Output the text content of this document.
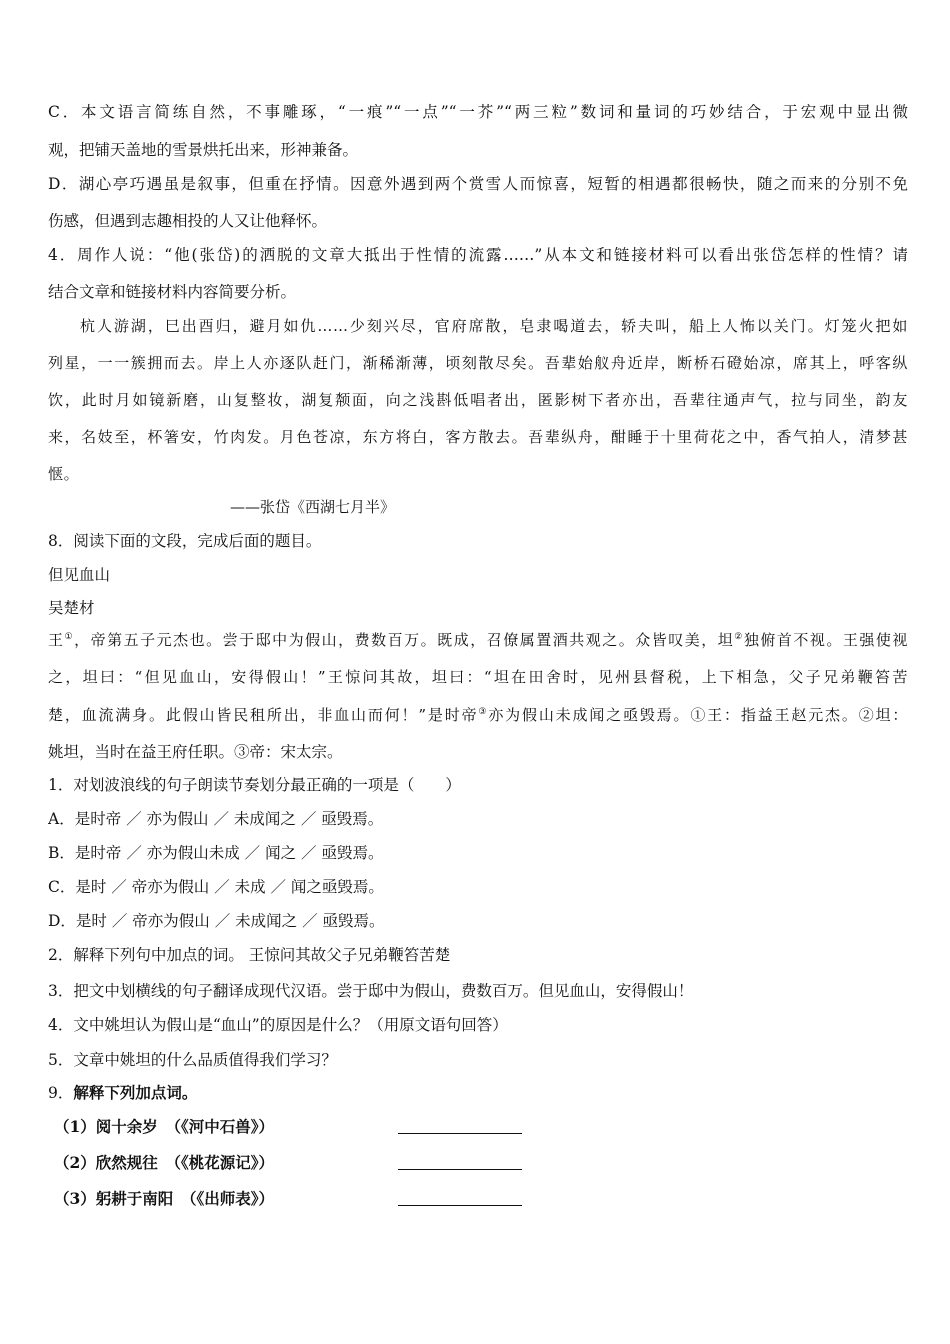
C．本文语言简练自然，不事雕琢，“一痕”“一点”“一芥”“两三粒”数词和量词的巧妙结合，于宏观中显出微
观，把铺天盖地的雪景烘托出来，形神兼备。
D．湖心亭巧遇虽是叙事，但重在抒情。因意外遇到两个赏雪人而惊喜，短暂的相遇都很畅快，随之而来的分别不免
伤感，但遇到志趣相投的人又让他释怀。
4．周作人说：“他(张岱)的洒脱的文章大抵出于性情的流露……”从本文和链接材料可以看出张岱怎样的性情？请
结合文章和链接材料内容简要分析。
杭人游湖，巳出酉归，避月如仇……少刻兴尽，官府席散，皂隶喝道去，轿夫叫，船上人怖以关门。灯笼火把如
列星，一一簇拥而去。岸上人亦逐队赶门，渐稀渐薄，顷刻散尽矣。吾辈始舣舟近岸，断桥石磴始凉，席其上，呼客纵
饮，此时月如镜新磨，山复整妆，湖复颒面，向之浅斟低唱者出，匿影树下者亦出，吾辈往通声气，拉与同坐，韵友
来，名妓至，杯箸安，竹肉发。月色苍凉，东方将白，客方散去。吾辈纵舟，酣睡于十里荷花之中，香气拍人，清梦甚
惬。
——张岱《西湖七月半》
8．阅读下面的文段，完成后面的题目。
但见血山
吴楚材
王①，帝第五子元杰也。尝于邸中为假山，费数百万。既成，召僚属置酒共观之。众皆叹美，坦②独俯首不视。王强使视
之，坦曰：“但见血山，安得假山！”王惊问其故，坦曰：“坦在田舍时，见州县督税，上下相急，父子兄弟鞭笞苦
楚，血流满身。此假山皆民租所出，非血山而何！”是时帝③亦为假山未成闻之亟毁焉。①王：指益王赵元杰。②坦：
姚坦，当时在益王府任职。③帝：宋太宗。
1．对划波浪线的句子朗读节奏划分最正确的一项是（　　）
A．是时帝 ／ 亦为假山 ／ 未成闻之 ／ 亟毁焉。
B．是时帝 ／ 亦为假山未成 ／ 闻之 ／ 亟毁焉。
C．是时 ／ 帝亦为假山 ／ 未成 ／ 闻之亟毁焉。
D．是时 ／ 帝亦为假山 ／ 未成闻之 ／ 亟毁焉。
2．解释下列句中加点的词。 王惊问其故父子兄弟鞭笞苦楚
3．把文中划横线的句子翻译成现代汉语。尝于邸中为假山，费数百万。但见血山，安得假山！
4．文中姚坦认为假山是“血山”的原因是什么？（用原文语句回答）
5．文章中姚坦的什么品质值得我们学习？
9．解释下列加点词。
（1）阅十余岁　（《河中石兽》）
（2）欣然规往　（《桃花源记》）
（3）躬耕于南阳　（《出师表》）
